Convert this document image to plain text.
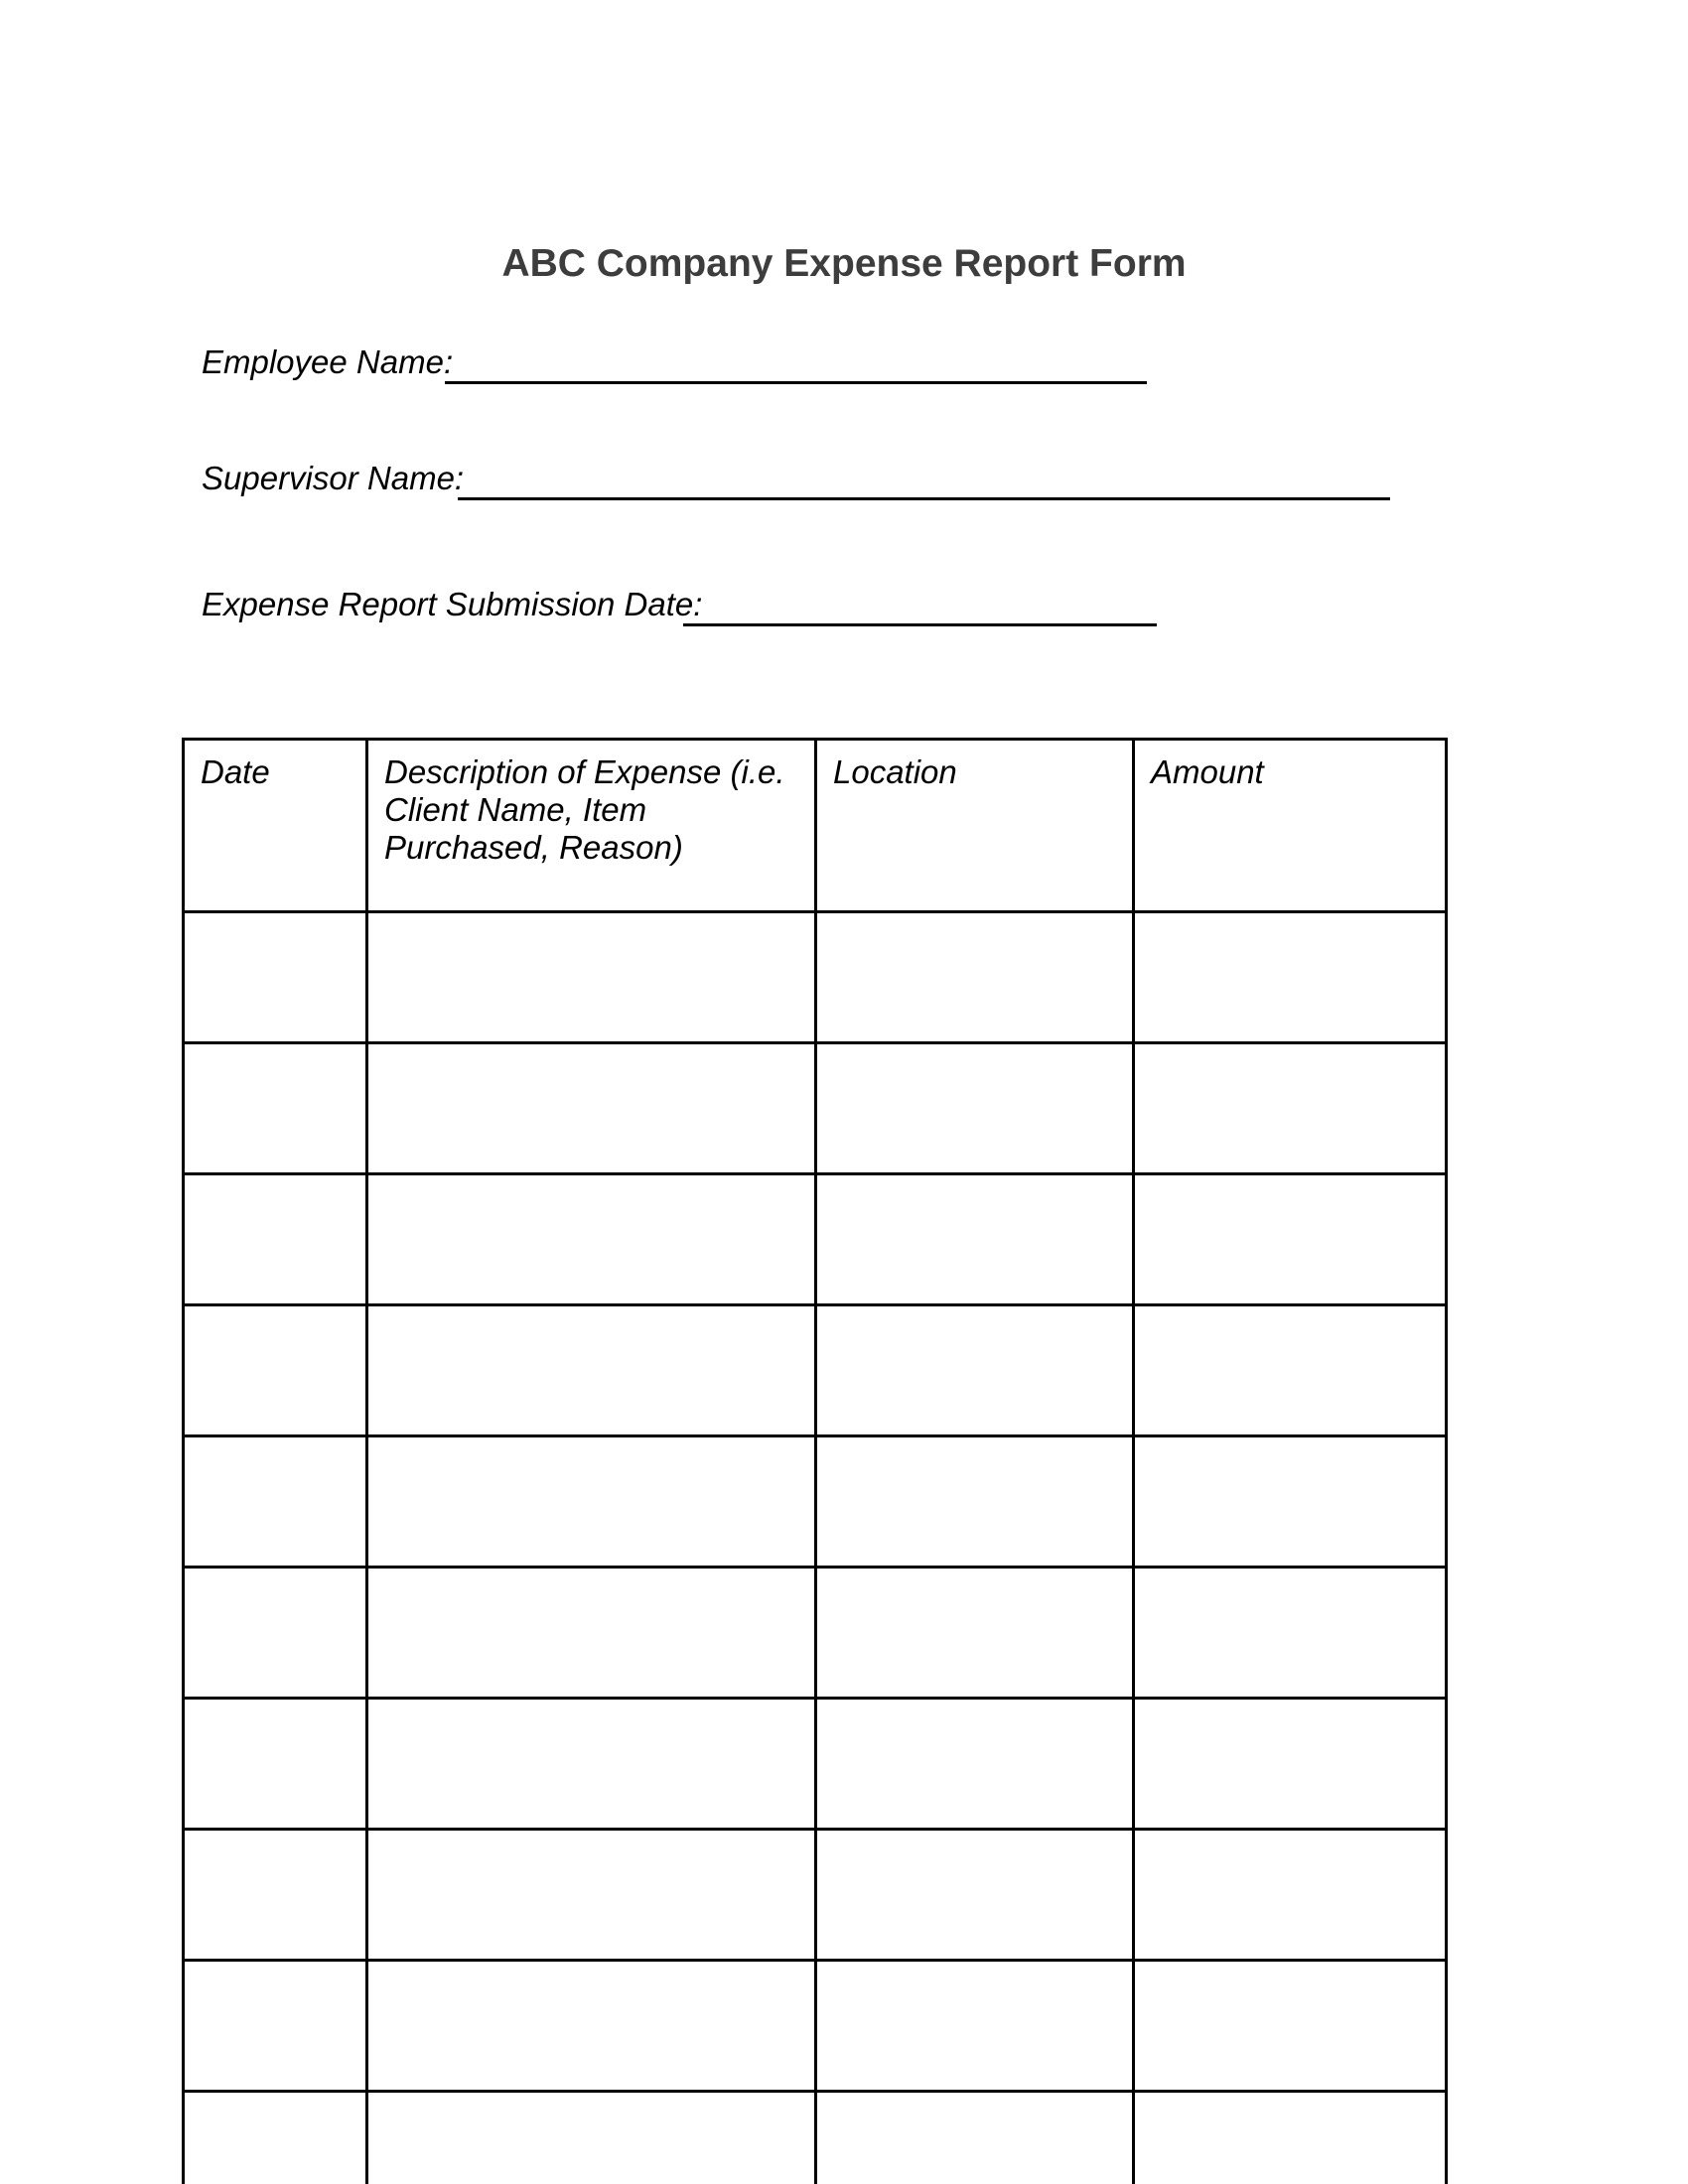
ABC Company Expense Report Form
Employee Name:
Supervisor Name:
Expense Report Submission Date:
Date	Description of Expense (i.e. Client Name, Item Purchased, Reason)	Location	Amount
